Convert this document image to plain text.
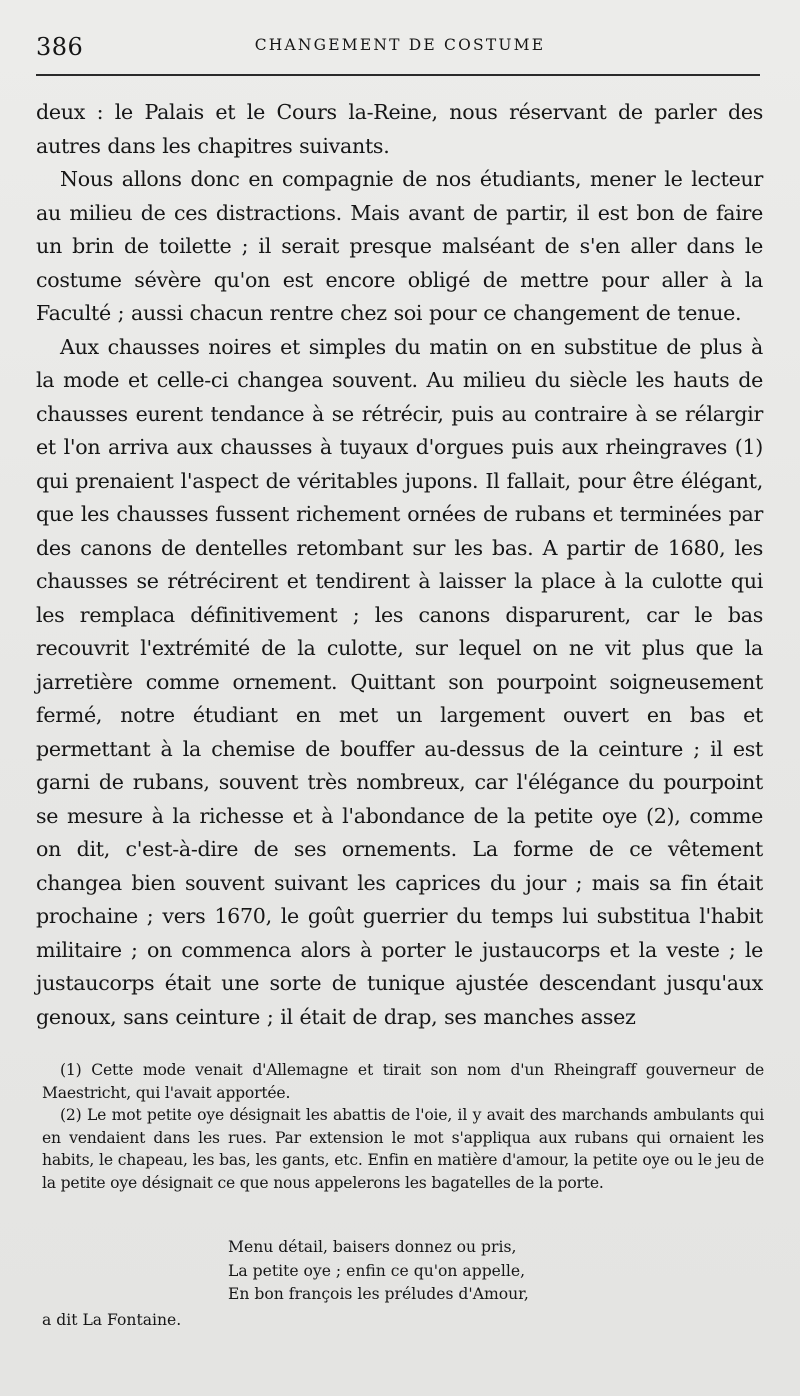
386	CHANGEMENT DE COSTUME

deux : le Palais et le Cours la-Reine, nous réservant de parler des autres dans les chapitres suivants.

Nous allons donc en compagnie de nos étudiants, mener le lecteur au milieu de ces distractions. Mais avant de partir, il est bon de faire un brin de toilette ; il serait presque malséant de s'en aller dans le costume sévère qu'on est encore obligé de mettre pour aller à la Faculté ; aussi chacun rentre chez soi pour ce changement de tenue.

Aux chausses noires et simples du matin on en substitue de plus à la mode et celle-ci changea souvent. Au milieu du siècle les hauts de chausses eurent tendance à se rétrécir, puis au contraire à se rélargir et l'on arriva aux chausses à tuyaux d'orgues puis aux rheingraves (1) qui prenaient l'aspect de véritables jupons. Il fallait, pour être élégant, que les chausses fussent richement ornées de rubans et terminées par des canons de dentelles retombant sur les bas. A partir de 1680, les chausses se rétrécirent et tendirent à laisser la place à la culotte qui les remplaca définitivement ; les canons disparurent, car le bas recouvrit l'extrémité de la culotte, sur lequel on ne vit plus que la jarretière comme ornement. Quittant son pourpoint soigneusement fermé, notre étudiant en met un largement ouvert en bas et permettant à la chemise de bouffer au-dessus de la ceinture ; il est garni de rubans, souvent très nombreux, car l'élégance du pourpoint se mesure à la richesse et à l'abondance de la petite oye (2), comme on dit, c'est-à-dire de ses ornements. La forme de ce vêtement changea bien souvent suivant les caprices du jour ; mais sa fin était prochaine ; vers 1670, le goût guerrier du temps lui substitua l'habit militaire ; on commenca alors à porter le justaucorps et la veste ; le justaucorps était une sorte de tunique ajustée descendant jusqu'aux genoux, sans ceinture ; il était de drap, ses manches assez

(1) Cette mode venait d'Allemagne et tirait son nom d'un Rheingraff gouverneur de Maestricht, qui l'avait apportée.

(2) Le mot petite oye désignait les abattis de l'oie, il y avait des marchands ambulants qui en vendaient dans les rues. Par extension le mot s'appliqua aux rubans qui ornaient les habits, le chapeau, les bas, les gants, etc. Enfin en matière d'amour, la petite oye ou le jeu de la petite oye désignait ce que nous appelerons les bagatelles de la porte.

Menu détail, baisers donnez ou pris,
La petite oye ; enfin ce qu'on appelle,
En bon françois les préludes d'Amour,
a dit La Fontaine.
